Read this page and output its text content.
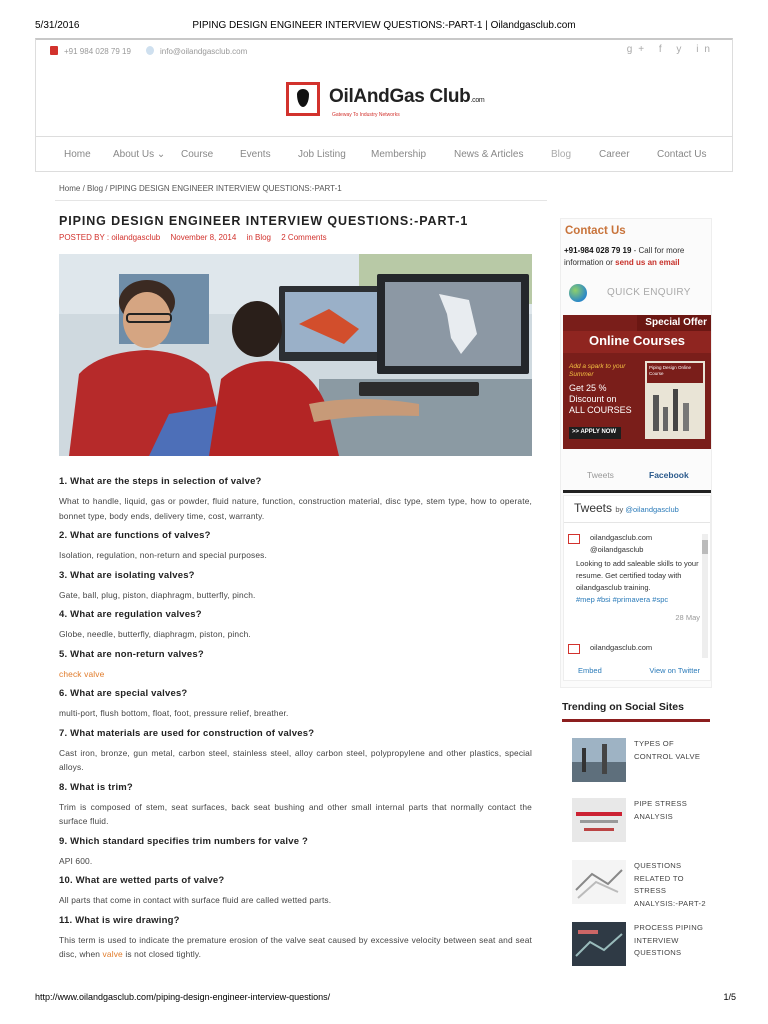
5/31/2016	PIPING DESIGN ENGINEER INTERVIEW QUESTIONS:-PART-1 | Oilandgasclub.com
+91 984 028 79 19	info@oilandgasclub.com	g+ f y in
OilAndGas Club.com
Gateway To Industry Networks
Home About Us ⌄ Course	Events	Job Listing	Membership	News & Articles	Blog	Career	Contact Us
Home / Blog / PIPING DESIGN ENGINEER INTERVIEW QUESTIONS:-PART-1
PIPING DESIGN ENGINEER INTERVIEW QUESTIONS:-PART-1
POSTED BY : oilandgasclub November 8, 2014 in Blog 2 Comments

1. What are the steps in selection of valve?

What to handle, liquid, gas or powder, fluid nature, function, construction material, disc type, stem type, how to operate, bonnet type, body ends, delivery time, cost, warranty.

2. What are functions of valves?

Isolation, regulation, non-return and special purposes.

3. What are isolating valves?

Gate, ball, plug, piston, diaphragm, butterfly, pinch.

4. What are regulation valves?

Globe, needle, butterfly, diaphragm, piston, pinch.

5. What are non-return valves?

check valve

6. What are special valves?

multi-port, flush bottom, float, foot, pressure relief, breather.

7. What materials are used for construction of valves?

Cast iron, bronze, gun metal, carbon steel, stainless steel, alloy carbon steel, polypropylene and other plastics, special alloys.

8. What is trim?

Trim is composed of stem, seat surfaces, back seat bushing and other small internal parts that normally contact the surface fluid.

9. Which standard specifies trim numbers for valve ?

API 600.

10. What are wetted parts of valve?

All parts that come in contact with surface fluid are called wetted parts.

11. What is wire drawing?

This term is used to indicate the premature erosion of the valve seat caused by excessive velocity between seat and seat disc, when valve is not closed tightly.

Contact Us
+91-984 028 79 19 - Call for more information or send us an email
QUICK ENQUIRY
Special Offer
Online Courses
Add a spark to your Summer
Get 25 %
Discount on
ALL COURSES
>> APPLY NOW
Piping Design Online Course
Tweets	Facebook
Tweets by @oilandgasclub
oilandgasclub.com
@oilandgasclub
Looking to add saleable skills to your resume. Get certified today with oilandgasclub training.
#mep #bsi #primavera #spc
28 May
oilandgasclub.com
Embed	View on Twitter
Trending on Social Sites
TYPES OF CONTROL VALVE
PIPE STRESS ANALYSIS
QUESTIONS RELATED TO STRESS ANALYSIS:-PART-2
PROCESS PIPING INTERVIEW QUESTIONS
http://www.oilandgasclub.com/piping-design-engineer-interview-questions/	1/5
